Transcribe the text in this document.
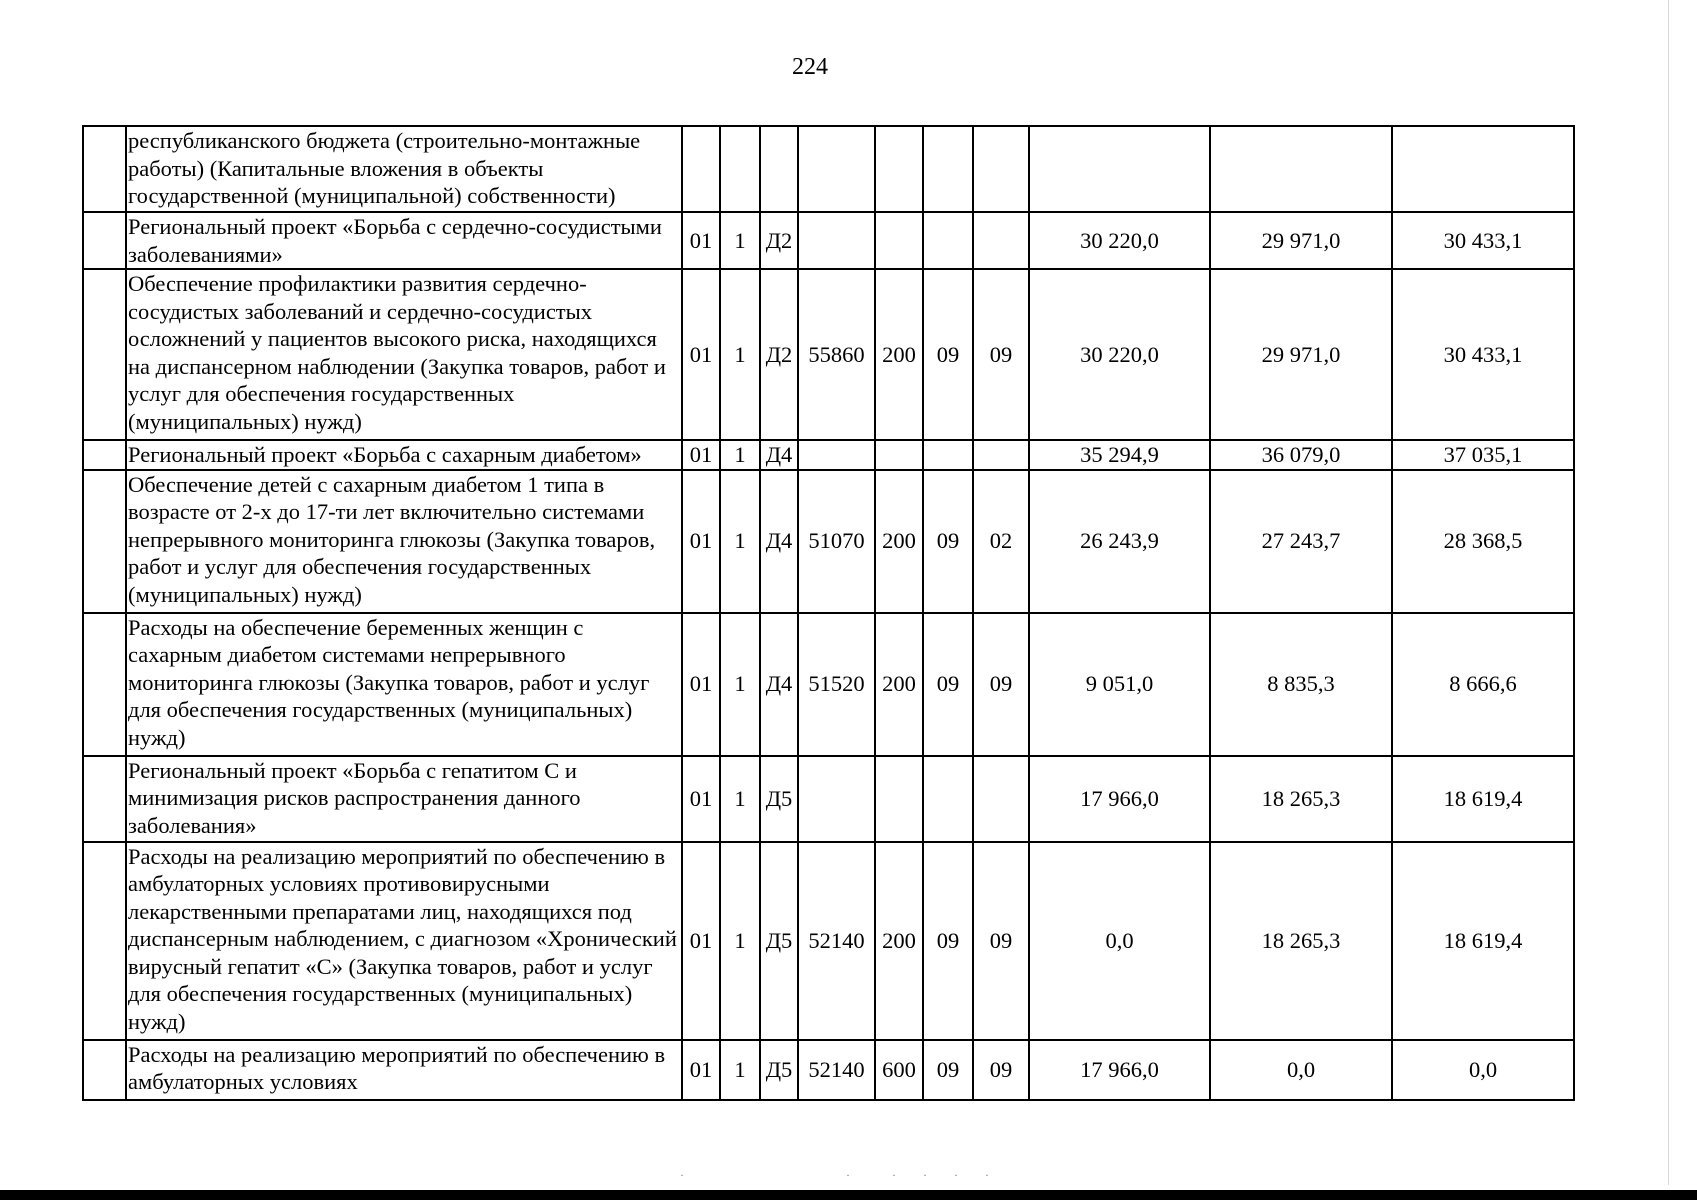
224
	республиканского бюджета (строительно-монтажные работы) (Капитальные вложения в объекты государственной (муниципальной) собственности)										
	Региональный проект «Борьба с сердечно-сосудистыми заболеваниями»	01	1	Д2					30 220,0	29 971,0	30 433,1
	Обеспечение профилактики развития сердечно-сосудистых заболеваний и сердечно-сосудистых осложнений у пациентов высокого риска, находящихся на диспансерном наблюдении (Закупка товаров, работ и услуг для обеспечения государственных (муниципальных) нужд)	01	1	Д2	55860	200	09	09	30 220,0	29 971,0	30 433,1
	Региональный проект «Борьба с сахарным диабетом»	01	1	Д4					35 294,9	36 079,0	37 035,1
	Обеспечение детей с сахарным диабетом 1 типа в возрасте от 2-х до 17-ти лет включительно системами непрерывного мониторинга глюкозы (Закупка товаров, работ и услуг для обеспечения государственных (муниципальных) нужд)	01	1	Д4	51070	200	09	02	26 243,9	27 243,7	28 368,5
	Расходы на обеспечение беременных женщин с сахарным диабетом системами непрерывного мониторинга глюкозы (Закупка товаров, работ и услуг для обеспечения государственных (муниципальных) нужд)	01	1	Д4	51520	200	09	09	9 051,0	8 835,3	8 666,6
	Региональный проект «Борьба с гепатитом С и минимизация рисков распространения данного заболевания»	01	1	Д5					17 966,0	18 265,3	18 619,4
	Расходы на реализацию мероприятий по обеспечению в амбулаторных условиях противовирусными лекарственными препаратами лиц, находящихся под диспансерным наблюдением, с диагнозом «Хронический вирусный гепатит «С» (Закупка товаров, работ и услуг для обеспечения государственных (муниципальных) нужд)	01	1	Д5	52140	200	09	09	0,0	18 265,3	18 619,4
	Расходы на реализацию мероприятий по обеспечению в амбулаторных условиях	01	1	Д5	52140	600	09	09	17 966,0	0,0	0,0
·          ·  · · · ·
